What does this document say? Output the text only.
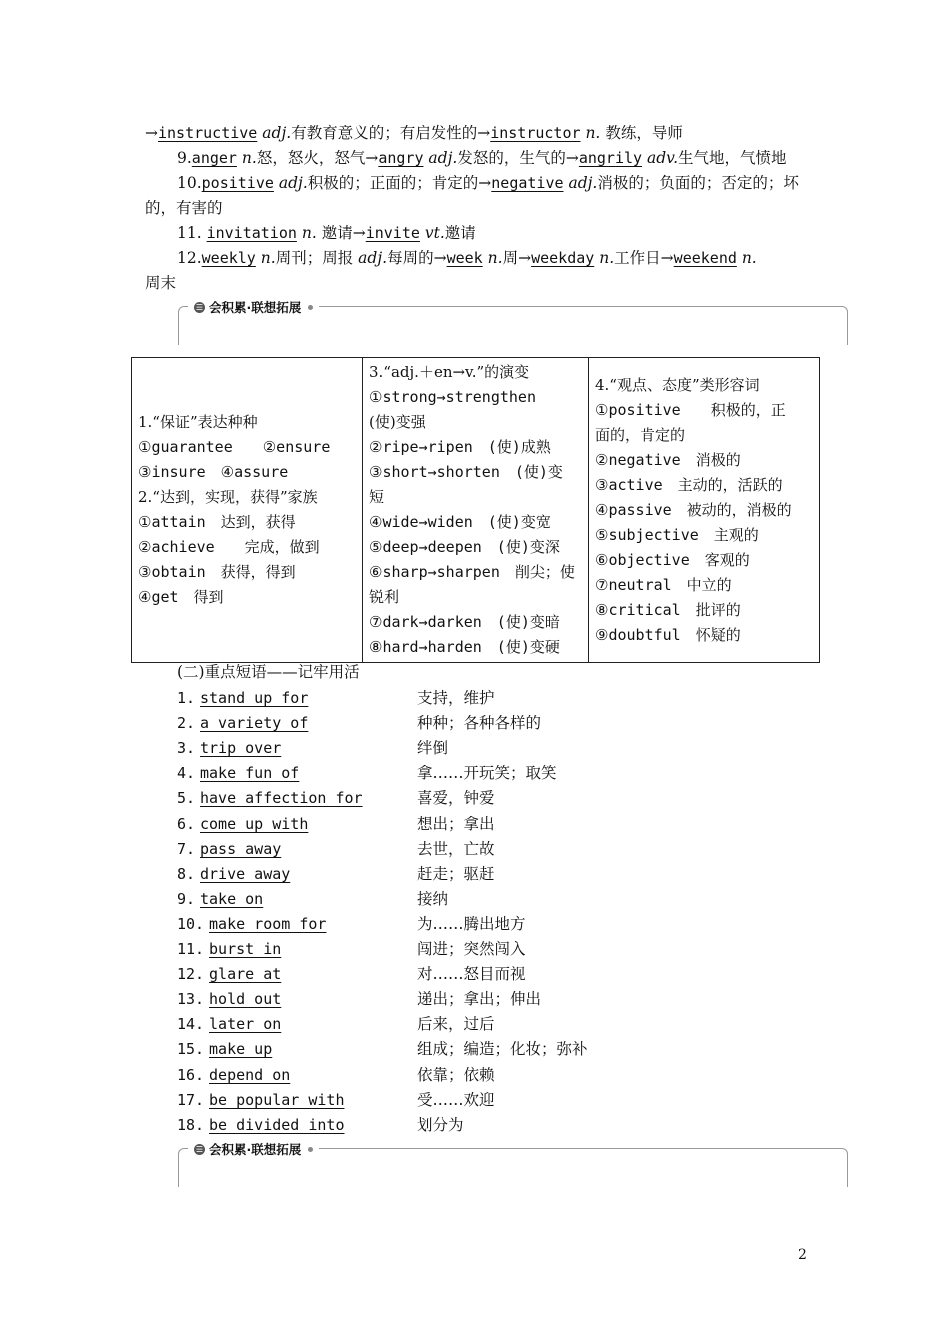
→instructive adj.有教育意义的；有启发性的→instructor n. 教练，导师
9.anger n.怒，怒火，怒气→angry adj.发怒的，生气的→angrily adv.生气地，气愤地
10.positive adj.积极的；正面的；肯定的→negative adj.消极的；负面的；否定的；坏
的，有害的
11. invitation n. 邀请→invite vt.邀请
12.weekly n.周刊；周报 adj.每周的→week n.周→weekday n.工作日→weekend n.
周末
☰ 会积累·联想拓展
1.“保证”表达种种
①guarantee　　②ensure
③insure　④assure
2.“达到，实现，获得”家族
①attain　达到，获得
②achieve　　完成，做到
③obtain　获得，得到
④get　得到

3.“adj.＋en→v.”的演变
①strong→strengthen
(使)变强
②ripe→ripen　(使)成熟
③short→shorten　(使)变
短
④wide→widen　(使)变宽
⑤deep→deepen　(使)变深
⑥sharp→sharpen　削尖；使
锐利
⑦dark→darken　(使)变暗
⑧hard→harden　(使)变硬

4.“观点、态度”类形容词
①positive　　积极的，正
面的，肯定的
②negative　消极的
③active　主动的，活跃的
④passive　被动的，消极的
⑤subjective　主观的
⑥objective　客观的
⑦neutral　中立的
⑧critical　批评的
⑨doubtful　怀疑的
(二)重点短语——记牢用活
1. stand up for	支持，维护
2. a variety of	种种；各种各样的
3. trip over	绊倒
4. make fun of	拿……开玩笑；取笑
5. have affection for	喜爱，钟爱
6. come up with	想出；拿出
7. pass away	去世，亡故
8. drive away	赶走；驱赶
9. take on	接纳
10. make room for	为……腾出地方
11. burst in	闯进；突然闯入
12. glare at	对……怒目而视
13. hold out	递出；拿出；伸出
14. later on	后来，过后
15. make up	组成；编造；化妆；弥补
16. depend on	依靠；依赖
17. be popular with	受……欢迎
18. be divided into	划分为
☰ 会积累·联想拓展
2
